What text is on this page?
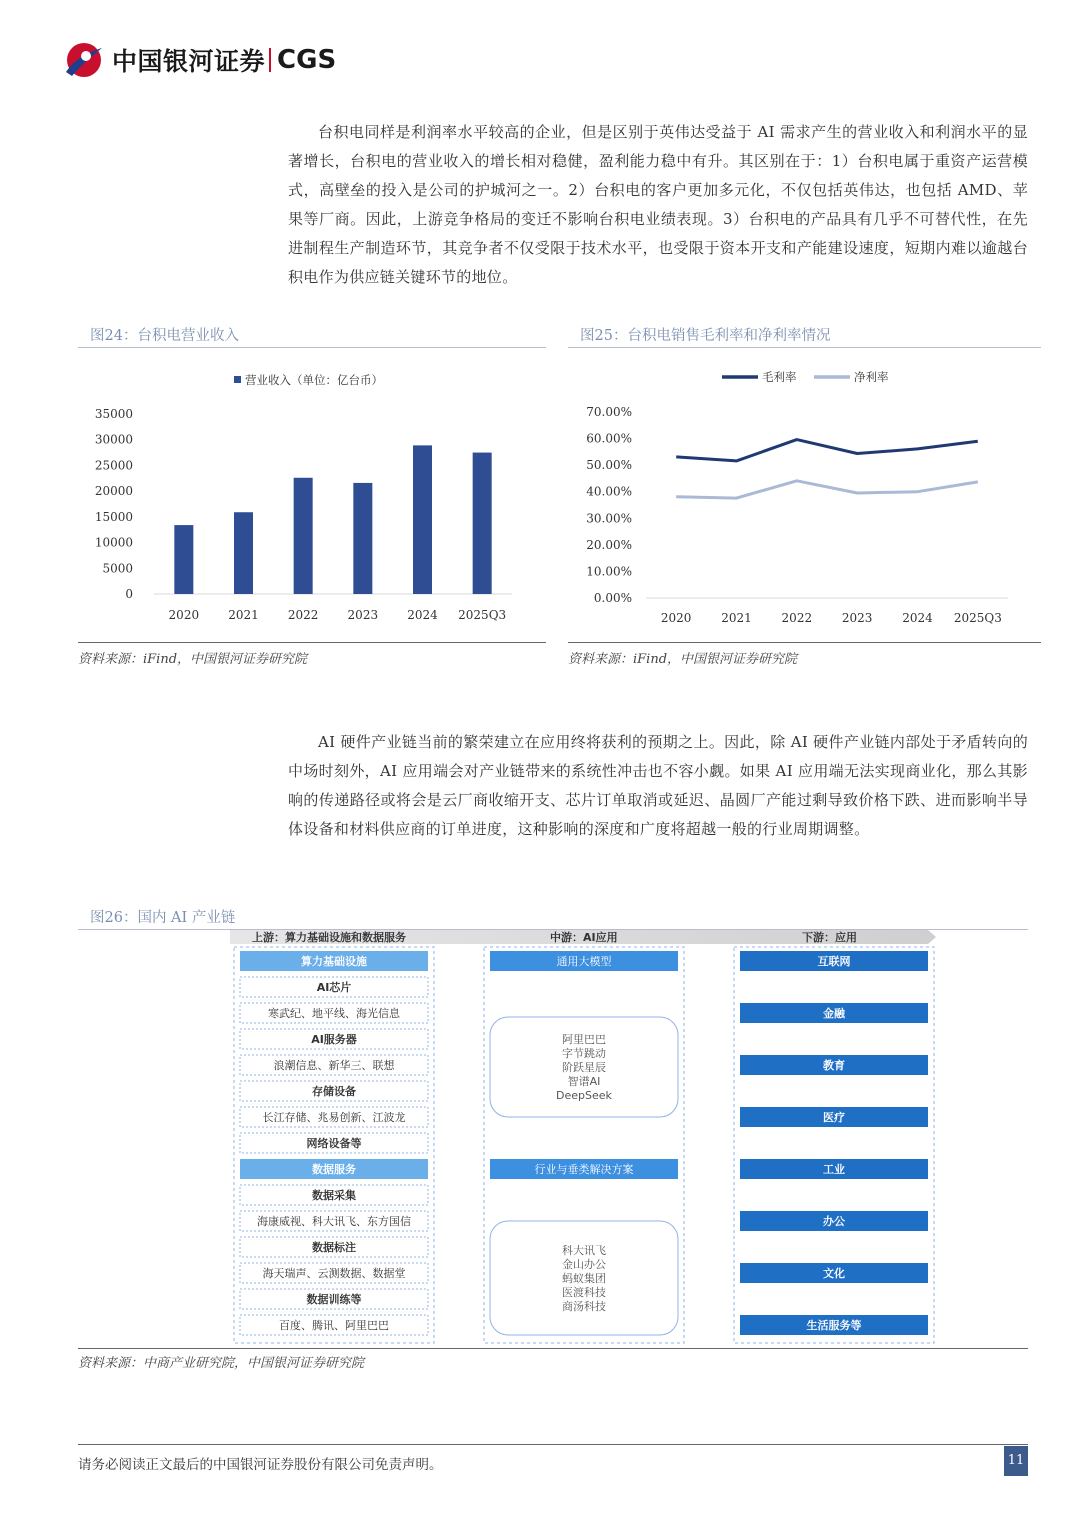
中国银河证券 CGS

台积电同样是利润率水平较高的企业，但是区别于英伟达受益于 AI 需求产生的营业收入和利润水平的显著增长，台积电的营业收入的增长相对稳健，盈利能力稳中有升。其区别在于：1）台积电属于重资产运营模式，高壁垒的投入是公司的护城河之一。2）台积电的客户更加多元化，不仅包括英伟达，也包括 AMD、苹果等厂商。因此，上游竞争格局的变迁不影响台积电业绩表现。3）台积电的产品具有几乎不可替代性，在先进制程生产制造环节，其竞争者不仅受限于技术水平，也受限于资本开支和产能建设速度，短期内难以逾越台积电作为供应链关键环节的地位。

图24：台积电营业收入
营业收入（单位：亿台币）
35000
30000
25000
20000
15000
10000
5000
0
2020 2021 2022 2023 2024 2025Q3
资料来源：iFind，中国银河证券研究院
图25：台积电销售毛利率和净利率情况
毛利率	净利率
70.00%
60.00%
50.00%
40.00%
30.00%
20.00%
10.00%
0.00%
2020 2021 2022 2023 2024 2025Q3
资料来源：iFind，中国银河证券研究院

AI 硬件产业链当前的繁荣建立在应用终将获利的预期之上。因此，除 AI 硬件产业链内部处于矛盾转向的中场时刻外，AI 应用端会对产业链带来的系统性冲击也不容小觑。如果 AI 应用端无法实现商业化，那么其影响的传递路径或将会是云厂商收缩开支、芯片订单取消或延迟、晶圆厂产能过剩导致价格下跌、进而影响半导体设备和材料供应商的订单进度，这种影响的深度和广度将超越一般的行业周期调整。

图26：国内 AI 产业链
上游：算力基础设施和数据服务	中游：AI应用	下游：应用
算力基础设施
AI芯片
寒武纪、地平线、海光信息
AI服务器
浪潮信息、新华三、联想
存储设备
长江存储、兆易创新、江波龙
网络设备等
数据服务
数据采集
海康威视、科大讯飞、东方国信
数据标注
海天瑞声、云测数据、数据堂
数据训练等
百度、腾讯、阿里巴巴
通用大模型
阿里巴巴
字节跳动
阶跃星辰
智谱AI
DeepSeek
行业与垂类解决方案
科大讯飞
金山办公
蚂蚁集团
医渡科技
商汤科技
互联网
金融
教育
医疗
工业
办公
文化
生活服务等
资料来源：中商产业研究院，中国银河证券研究院
请务必阅读正文最后的中国银河证券股份有限公司免责声明。	11
